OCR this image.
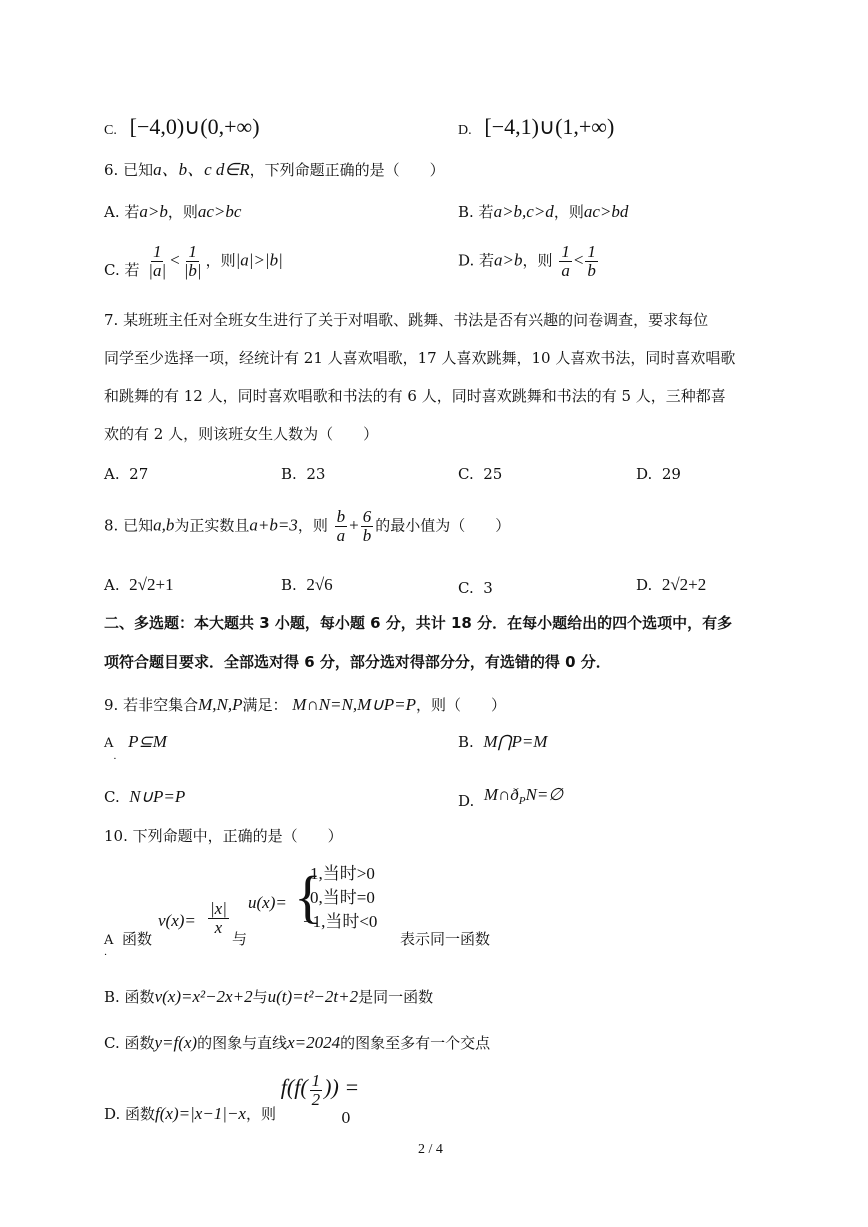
C. [−4,0)∪(0,+∞)	D. [−4,1)∪(1,+∞)
6. 已知a、b、c d∈R，下列命题正确的是（　　）
A. 若a>b，则ac>bc	B. 若a>b,c>d，则ac>bd
C. 若 $\frac{1}{|a|} < \frac{1}{|b|}$ ，则|a|>|b|	D. 若a>b，则 $\frac{1}{a} < \frac{1}{b}$
7. 某班班主任对全班女生进行了关于对唱歌、跳舞、书法是否有兴趣的问卷调查，要求每位
同学至少选择一项，经统计有 21 人喜欢唱歌，17 人喜欢跳舞，10 人喜欢书法，同时喜欢唱歌
和跳舞的有 12 人，同时喜欢唱歌和书法的有 6 人，同时喜欢跳舞和书法的有 5 人，三种都喜
欢的有 2 人，则该班女生人数为（　　）
A. 27	B. 23	C. 25	D. 29
8. 已知a,b为正实数且a+b=3，则 $\frac{b}{a} + \frac{6}{b}$ 的最小值为（　　）
A. 2√2+1	B. 2√6	C. 3	D. 2√2+2
二、多选题：本大题共 3 小题，每小题 6 分，共计 18 分．在每小题给出的四个选项中，有多
项符合题目要求．全部选对得 6 分，部分选对得部分分，有选错的得 0 分．
9. 若非空集合M,N,P满足： M∩N=N,M∪P=P，则（　　）
$A_.$ P⊆M	B. M⋂P=M
C. N∪P=P	D. $M\cap ð_PN=\emptyset$
10. 下列命题中，正确的是（　　）
A
．
函数
$v(x)= \frac{|x|}{x}$
与
u(x)= {
1,当时>0
0,当时=0
−1,当时<0
表示同一函数
B. 函数v(x)=x²−2x+2与u(t)=t²−2t+2是同一函数
C. 函数y=f(x)的图象与直线x=2024的图象至多有一个交点
D. 函数f(x)=|x−1|−x，则 $f(f( \frac{1}{2}$ )) =0
2 / 4
